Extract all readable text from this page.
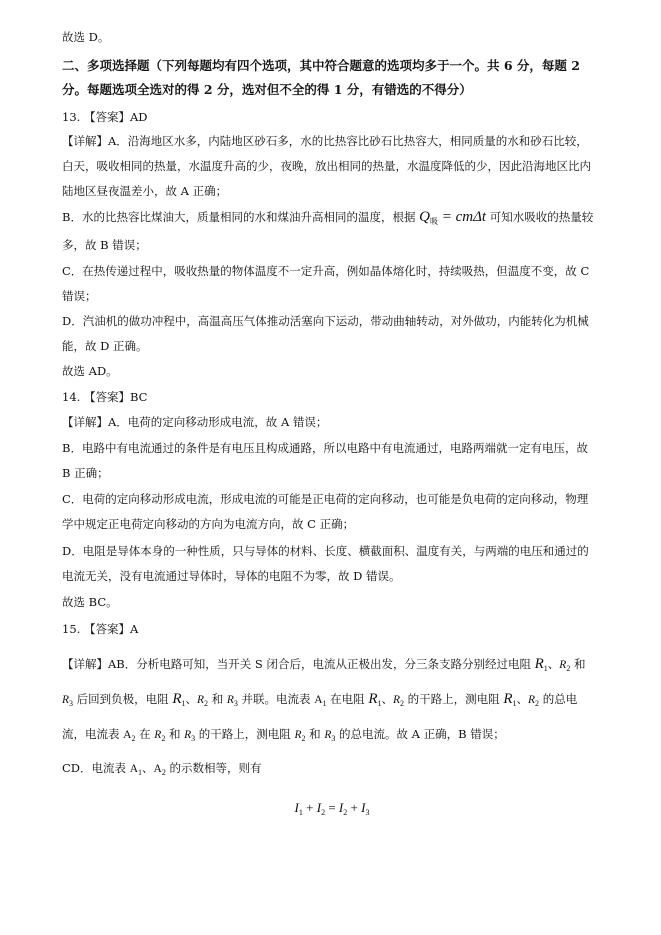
故选 D。
二、多项选择题（下列每题均有四个选项，其中符合题意的选项均多于一个。共 6 分，每题 2
分。每题选项全选对的得 2 分，选对但不全的得 1 分，有错选的不得分）
13. 【答案】AD
【详解】A．沿海地区水多，内陆地区砂石多，水的比热容比砂石比热容大，相同质量的水和砂石比较，
白天，吸收相同的热量，水温度升高的少，夜晚，放出相同的热量，水温度降低的少，因此沿海地区比内
陆地区昼夜温差小，故 A 正确；
B．水的比热容比煤油大，质量相同的水和煤油升高相同的温度，根据 $Q_吸 = cm\Delta t$ 可知水吸收的热量较
多，故 B 错误；
C．在热传递过程中，吸收热量的物体温度不一定升高，例如晶体熔化时，持续吸热，但温度不变，故 C
错误；
D．汽油机的做功冲程中，高温高压气体推动活塞向下运动，带动曲轴转动，对外做功，内能转化为机械
能，故 D 正确。
故选 AD。
14. 【答案】BC
【详解】A．电荷的定向移动形成电流，故 A 错误；
B．电路中有电流通过的条件是有电压且构成通路，所以电路中有电流通过，电路两端就一定有电压，故
B 正确；
C．电荷的定向移动形成电流，形成电流的可能是正电荷的定向移动，也可能是负电荷的定向移动，物理
学中规定正电荷定向移动的方向为电流方向，故 C 正确；
D．电阻是导体本身的一种性质，只与导体的材料、长度、横截面积、温度有关，与两端的电压和通过的
电流无关，没有电流通过导体时，导体的电阻不为零，故 D 错误。
故选 BC。
15. 【答案】A
【详解】AB．分析电路可知，当开关 S 闭合后，电流从正极出发，分三条支路分别经过电阻 $R_1$、$R_2$ 和
$R_3$ 后回到负极，电阻 $R_1$、$R_2$ 和 $R_3$ 并联。电流表 $A_1$ 在电阻 $R_1$、$R_2$ 的干路上，测电阻 $R_1$、$R_2$ 的总电
流，电流表 $A_2$ 在 $R_2$ 和 $R_3$ 的干路上，测电阻 $R_2$ 和 $R_3$ 的总电流。故 A 正确，B 错误；
CD．电流表 $A_1$、$A_2$ 的示数相等，则有
$I_1 + I_2 = I_2 + I_3$
